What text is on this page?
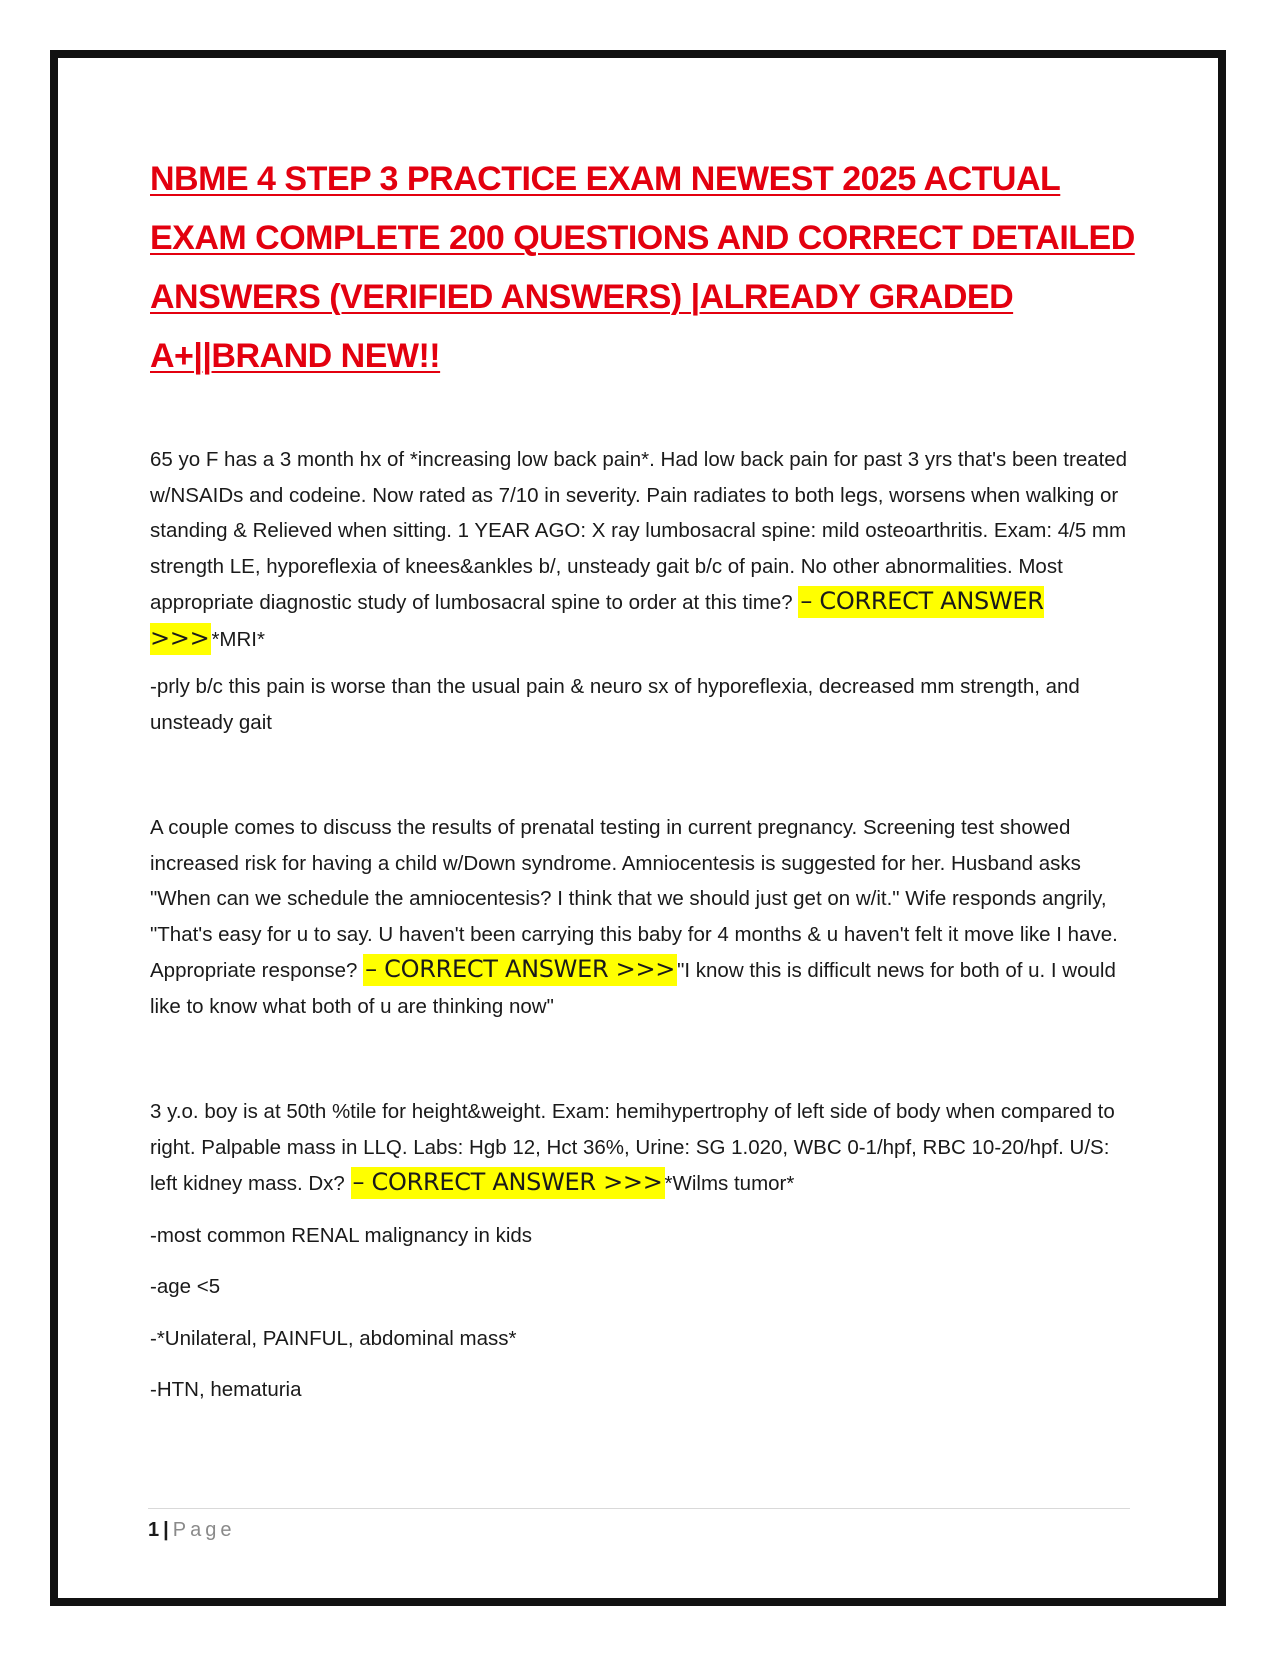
NBME 4 STEP 3 PRACTICE EXAM NEWEST 2025 ACTUAL EXAM COMPLETE 200 QUESTIONS AND CORRECT DETAILED ANSWERS (VERIFIED ANSWERS) |ALREADY GRADED A+||BRAND NEW!!

65 yo F has a 3 month hx of *increasing low back pain*. Had low back pain for past 3 yrs that's been treated w/NSAIDs and codeine. Now rated as 7/10 in severity. Pain radiates to both legs, worsens when walking or standing & Relieved when sitting. 1 YEAR AGO: X ray lumbosacral spine: mild osteoarthritis. Exam: 4/5 mm strength LE, hyporeflexia of knees&ankles b/, unsteady gait b/c of pain. No other abnormalities. Most appropriate diagnostic study of lumbosacral spine to order at this time? – CORRECT ANSWER >>>*MRI*

-prly b/c this pain is worse than the usual pain & neuro sx of hyporeflexia, decreased mm strength, and unsteady gait

A couple comes to discuss the results of prenatal testing in current pregnancy. Screening test showed increased risk for having a child w/Down syndrome. Amniocentesis is suggested for her. Husband asks "When can we schedule the amniocentesis? I think that we should just get on w/it." Wife responds angrily, "That's easy for u to say. U haven't been carrying this baby for 4 months & u haven't felt it move like I have. Appropriate response? – CORRECT ANSWER >>>"I know this is difficult news for both of u. I would like to know what both of u are thinking now"

3 y.o. boy is at 50th %tile for height&weight. Exam: hemihypertrophy of left side of body when compared to right. Palpable mass in LLQ. Labs: Hgb 12, Hct 36%, Urine: SG 1.020, WBC 0-1/hpf, RBC 10-20/hpf. U/S: left kidney mass. Dx? – CORRECT ANSWER >>>*Wilms tumor*

-most common RENAL malignancy in kids

-age <5

-*Unilateral, PAINFUL, abdominal mass*

-HTN, hematuria

1 | Page
